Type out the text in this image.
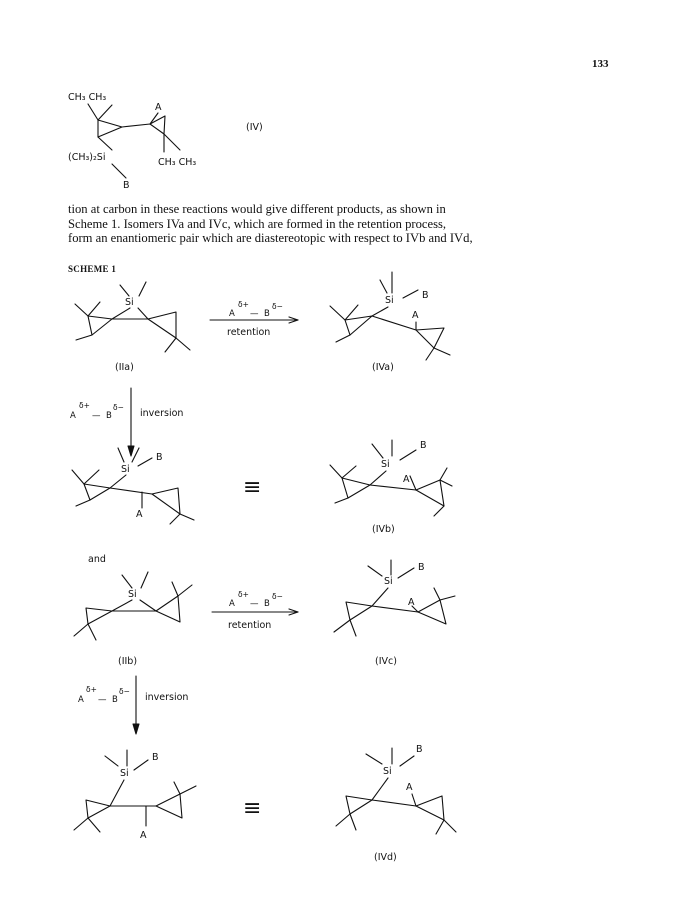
133
CH₃ CH₃
A
(CH₃)₂Si	CH₃ CH₃
B
(IV)
Si
(IIa)
A
δ+
— B
δ−
retention
Si	B
A
(IVa)
A
δ+
— B
δ−
inversion
Si
B
A
≡
Si
B
A
(IVb)
and
Si
(IIb)
A
δ+
— B
δ−
retention
Si
B
A
(IVc)
A
δ+
— B
δ−
inversion
Si
B
A
≡
Si
B
A
(IVd)
tion at carbon in these reactions would give different products, as shown in
Scheme 1. Isomers IVa and IVc, which are formed in the retention process,
form an enantiomeric pair which are diastereotopic with respect to IVb and IVd,
SCHEME 1
